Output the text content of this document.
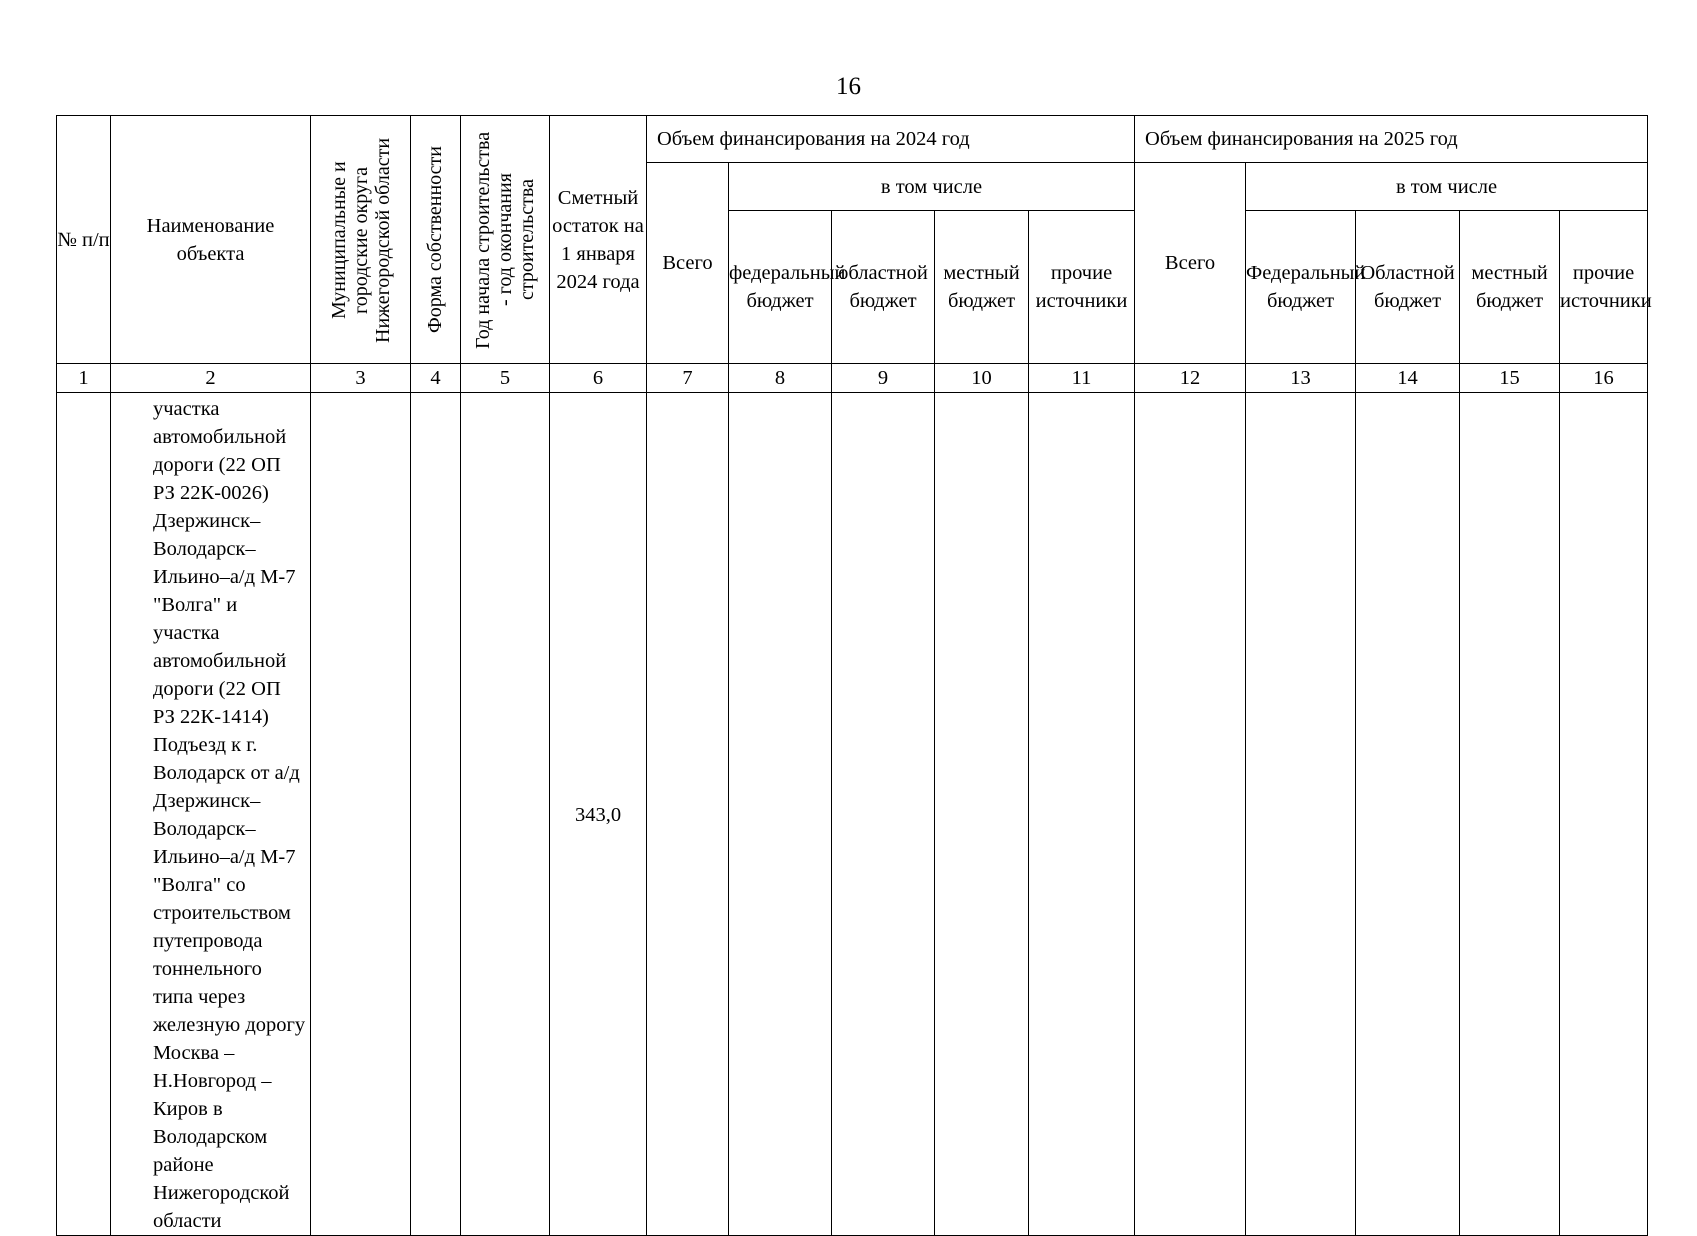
16
№ п/п	Наименование объекта	Муниципальные и городские округа Нижегородской области	Форма собственности	Год начала строительства - год окончания строительства	Сметный остаток на 1 января 2024 года	Объем финансирования на 2024 год					Объем финансирования на 2025 год				
						Всего	в том числе				Всего	в том числе			
							федеральный бюджет	областной бюджет	местный бюджет	прочие источники		Федеральный бюджет	Областной бюджет	местный бюджет	прочие источники
1	2	3	4	5	6	7	8	9	10	11	12	13	14	15	16
	участка автомобильной дороги (22 ОП РЗ 22К-0026) Дзержинск–Володарск–Ильино–а/д М-7 "Волга" и участка автомобильной дороги (22 ОП РЗ 22К-1414) Подъезд к г. Володарск от а/д Дзержинск–Володарск–Ильино–а/д М-7 "Волга" со строительством путепровода тоннельного типа через железную дорогу Москва – Н.Новгород – Киров в Володарском районе Нижегородской области				343,0										
